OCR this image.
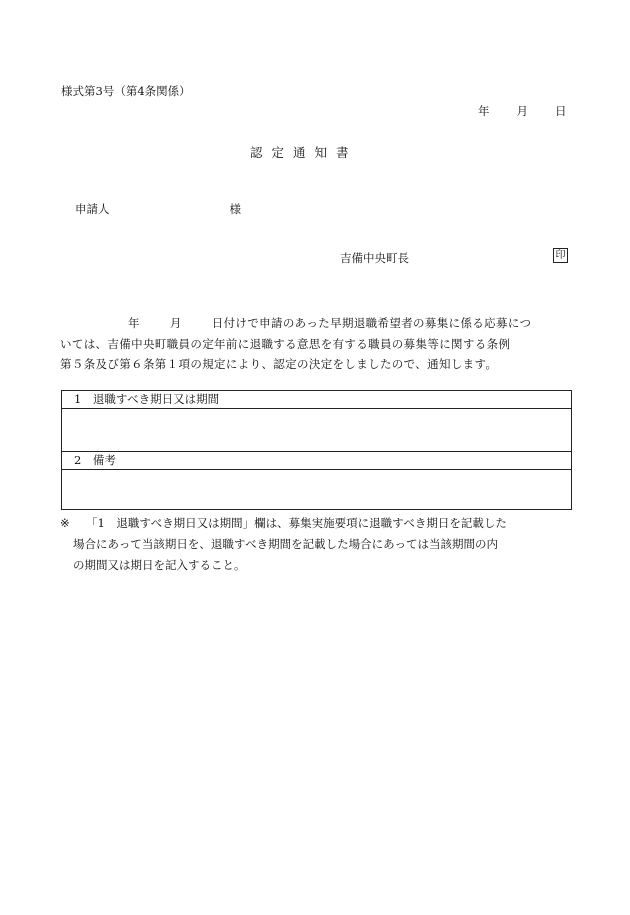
様式第3号（第4条関係）
年 月 日
認定通知書
申請人	様
吉備中央町長	印
年	月	日付けで申請のあった早期退職希望者の募集に係る応募につ
いては、吉備中央町職員の定年前に退職する意思を有する職員の募集等に関する条例
第５条及び第６条第１項の規定により、認定の決定をしましたので、通知します。
1　退職すべき期日又は期間

2　備考

※ 「1　退職すべき期日又は期間」欄は、募集実施要項に退職すべき期日を記載した
場合にあって当該期日を、退職すべき期間を記載した場合にあっては当該期間の内
の期間又は期日を記入すること。
